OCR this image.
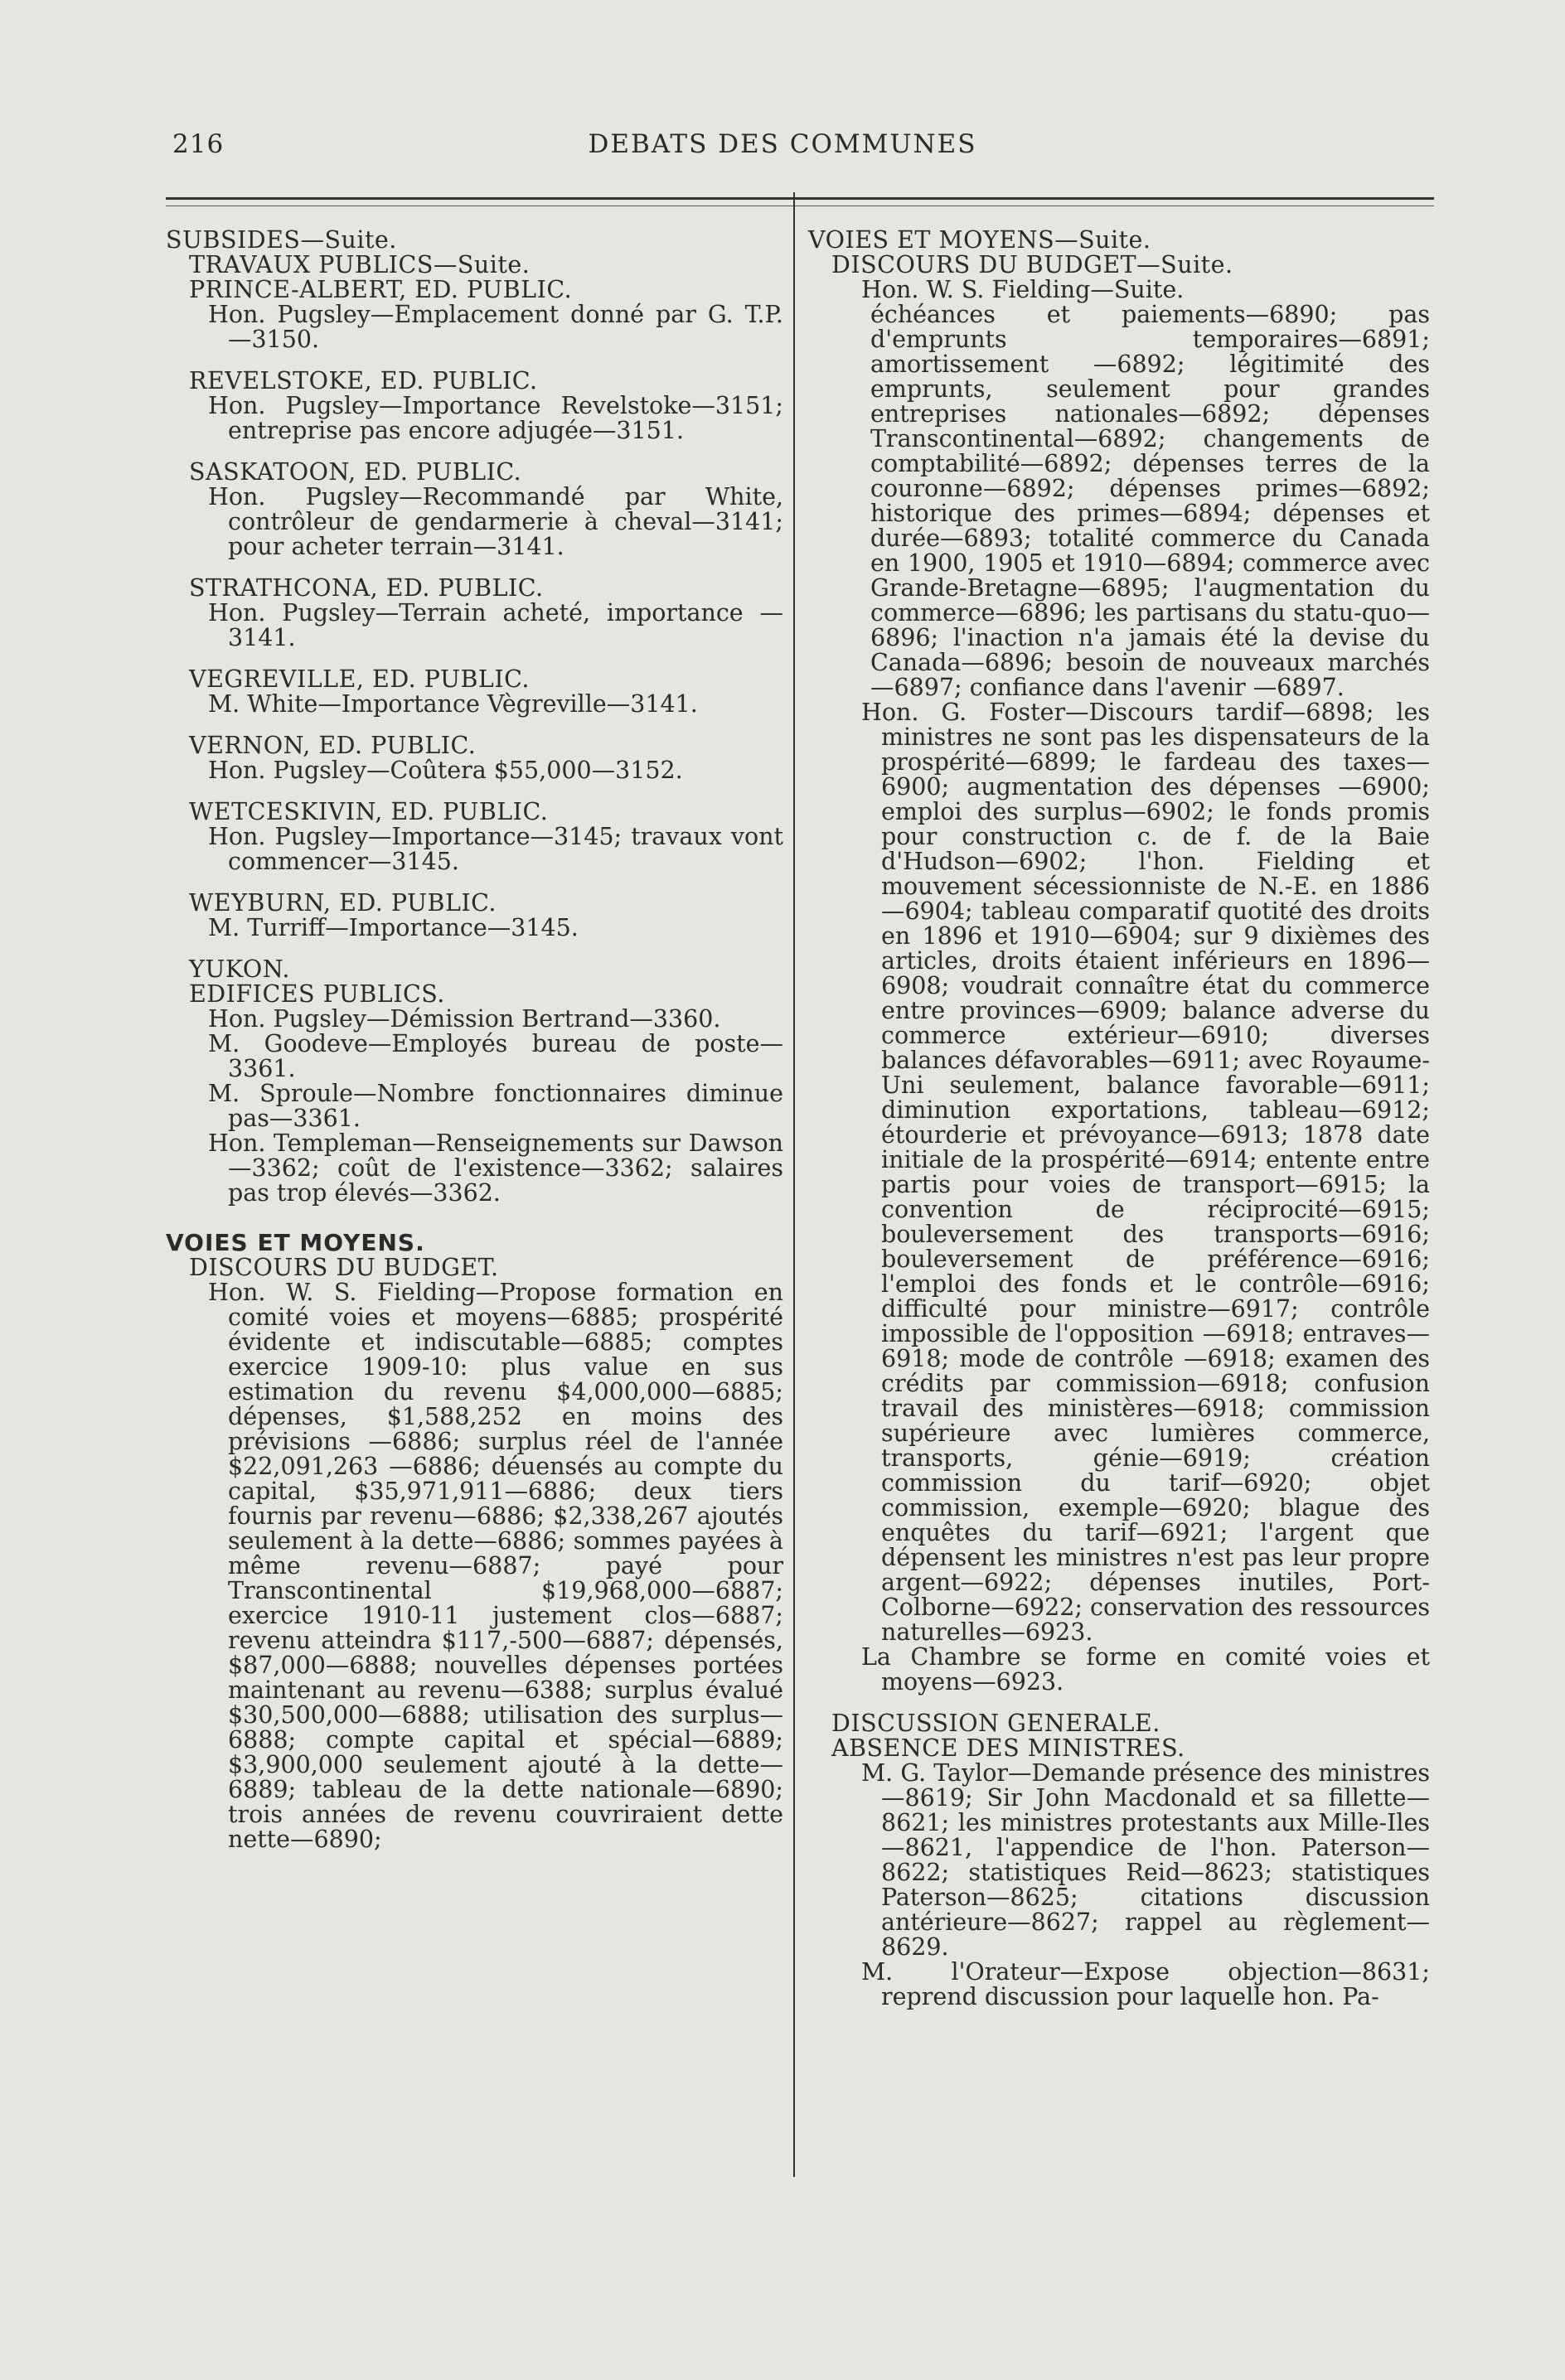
216	DEBATS DES COMMUNES

SUBSIDES—Suite.

TRAVAUX PUBLICS—Suite.

PRINCE-ALBERT, ED. PUBLIC.

Hon. Pugsley—Emplacement donné par G. T.P.—3150.

REVELSTOKE, ED. PUBLIC.

Hon. Pugsley—Importance Revelstoke—3151; entreprise pas encore adjugée—3151.

SASKATOON, ED. PUBLIC.

Hon. Pugsley—Recommandé par White, contrôleur de gendarmerie à cheval—3141; pour acheter terrain—3141.

STRATHCONA, ED. PUBLIC.

Hon. Pugsley—Terrain acheté, importance —3141.

VEGREVILLE, ED. PUBLIC.

M. White—Importance Vègreville—3141.

VERNON, ED. PUBLIC.

Hon. Pugsley—Coûtera $55,000—3152.

WETCESKIVIN, ED. PUBLIC.

Hon. Pugsley—Importance—3145; travaux vont commencer—3145.

WEYBURN, ED. PUBLIC.

M. Turriff—Importance—3145.

YUKON.

EDIFICES PUBLICS.

Hon. Pugsley—Démission Bertrand—3360.

M. Goodeve—Employés bureau de poste—3361.

M. Sproule—Nombre fonctionnaires diminue pas—3361.

Hon. Templeman—Renseignements sur Dawson—3362; coût de l'existence—3362; salaires pas trop élevés—3362.

VOIES ET MOYENS.

DISCOURS DU BUDGET.

Hon. W. S. Fielding—Propose formation en comité voies et moyens—6885; prospérité évidente et indiscutable—6885; comptes exercice 1909-10: plus value en sus estimation du revenu $4,000,000—6885; dépenses, $1,588,252 en moins des prévisions —6886; surplus réel de l'année $22,091,263 —6886; déuensés au compte du capital, $35,971,911—6886; deux tiers fournis par revenu—6886; $2,338,267 ajoutés seulement à la dette—6886; sommes payées à même revenu—6887; payé pour Transcontinental $19,968,000—6887; exercice 1910-11 justement clos—6887; revenu atteindra $117,-500—6887; dépensés, $87,000—6888; nouvelles dépenses portées maintenant au revenu—6388; surplus évalué $30,500,000—6888; utilisation des surplus—6888; compte capital et spécial—6889; $3,900,000 seulement ajouté à la dette—6889; tableau de la dette nationale—6890; trois années de revenu couvriraient dette nette—6890;

VOIES ET MOYENS—Suite.

DISCOURS DU BUDGET—Suite.

Hon. W. S. Fielding—Suite.

échéances et paiements—6890; pas d'emprunts temporaires—6891; amortissement —6892; légitimité des emprunts, seulement pour grandes entreprises nationales—6892; dépenses Transcontinental—6892; changements de comptabilité—6892; dépenses terres de la couronne—6892; dépenses primes—6892; historique des primes—6894; dépenses et durée—6893; totalité commerce du Canada en 1900, 1905 et 1910—6894; commerce avec Grande-Bretagne—6895; l'augmentation du commerce—6896; les partisans du statu-quo—6896; l'inaction n'a jamais été la devise du Canada—6896; besoin de nouveaux marchés—6897; confiance dans l'avenir —6897.

Hon. G. Foster—Discours tardif—6898; les ministres ne sont pas les dispensateurs de la prospérité—6899; le fardeau des taxes—6900; augmentation des dépenses —6900; emploi des surplus—6902; le fonds promis pour construction c. de f. de la Baie d'Hudson—6902; l'hon. Fielding et mouvement sécessionniste de N.-E. en 1886—6904; tableau comparatif quotité des droits en 1896 et 1910—6904; sur 9 dixièmes des articles, droits étaient inférieurs en 1896—6908; voudrait connaître état du commerce entre provinces—6909; balance adverse du commerce extérieur—6910; diverses balances défavorables—6911; avec Royaume-Uni seulement, balance favorable—6911; diminution exportations, tableau—6912; étourderie et prévoyance—6913; 1878 date initiale de la prospérité—6914; entente entre partis pour voies de transport—6915; la convention de réciprocité—6915; bouleversement des transports—6916; bouleversement de préférence—6916; l'emploi des fonds et le contrôle—6916; difficulté pour ministre—6917; contrôle impossible de l'opposition —6918; entraves—6918; mode de contrôle —6918; examen des crédits par commission—6918; confusion travail des ministères—6918; commission supérieure avec lumières commerce, transports, génie—6919; création commission du tarif—6920; objet commission, exemple—6920; blague des enquêtes du tarif—6921; l'argent que dépensent les ministres n'est pas leur propre argent—6922; dépenses inutiles, Port-Colborne—6922; conservation des ressources naturelles—6923.

La Chambre se forme en comité voies et moyens—6923.

DISCUSSION GENERALE.

ABSENCE DES MINISTRES.

M. G. Taylor—Demande présence des ministres—8619; Sir John Macdonald et sa fillette—8621; les ministres protestants aux Mille-Iles—8621, l'appendice de l'hon. Paterson—8622; statistiques Reid—8623; statistiques Paterson—8625; citations discussion antérieure—8627; rappel au règlement—8629.

M. l'Orateur—Expose objection—8631; reprend discussion pour laquelle hon. Pa-
